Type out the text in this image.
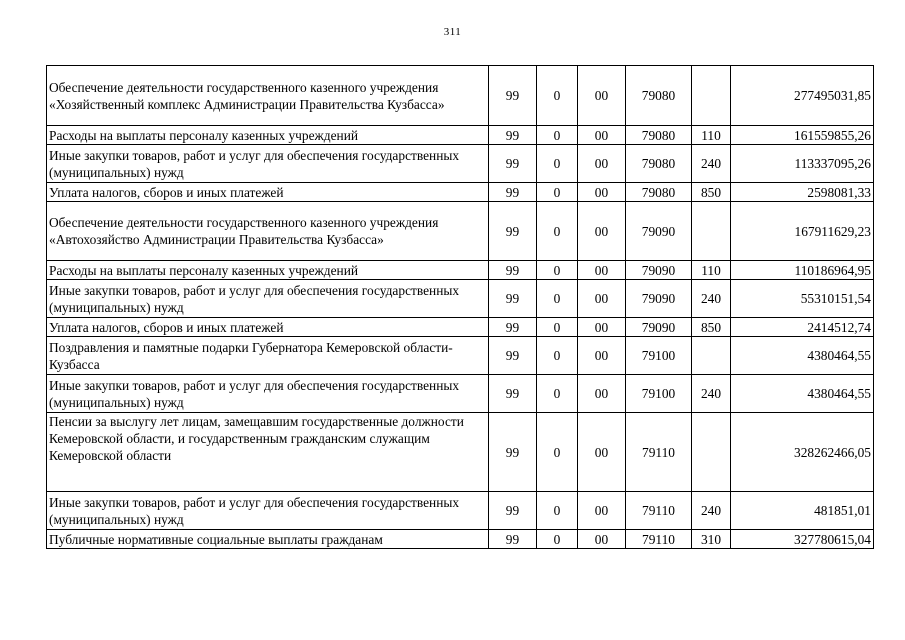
311
Обеспечение деятельности государственного казенного учреждения «Хозяйственный комплекс Администрации Правительства Кузбасса»	99	0	00	79080		277495031,85
Расходы на выплаты персоналу казенных учреждений	99	0	00	79080	110	161559855,26
Иные закупки товаров, работ и услуг для обеспечения государственных (муниципальных) нужд	99	0	00	79080	240	113337095,26
Уплата налогов, сборов и иных платежей	99	0	00	79080	850	2598081,33
Обеспечение деятельности государственного казенного учреждения «Автохозяйство Администрации Правительства Кузбасса»	99	0	00	79090		167911629,23
Расходы на выплаты персоналу казенных учреждений	99	0	00	79090	110	110186964,95
Иные закупки товаров, работ и услуг для обеспечения государственных (муниципальных) нужд	99	0	00	79090	240	55310151,54
Уплата налогов, сборов и иных платежей	99	0	00	79090	850	2414512,74
Поздравления и памятные подарки Губернатора Кемеровской области-Кузбасса	99	0	00	79100		4380464,55
Иные закупки товаров, работ и услуг для обеспечения государственных (муниципальных) нужд	99	0	00	79100	240	4380464,55
Пенсии за выслугу лет лицам, замещавшим государственные должности Кемеровской области, и государственным гражданским служащим Кемеровской области	99	0	00	79110		328262466,05
Иные закупки товаров, работ и услуг для обеспечения государственных (муниципальных) нужд	99	0	00	79110	240	481851,01
Публичные нормативные социальные выплаты гражданам	99	0	00	79110	310	327780615,04
